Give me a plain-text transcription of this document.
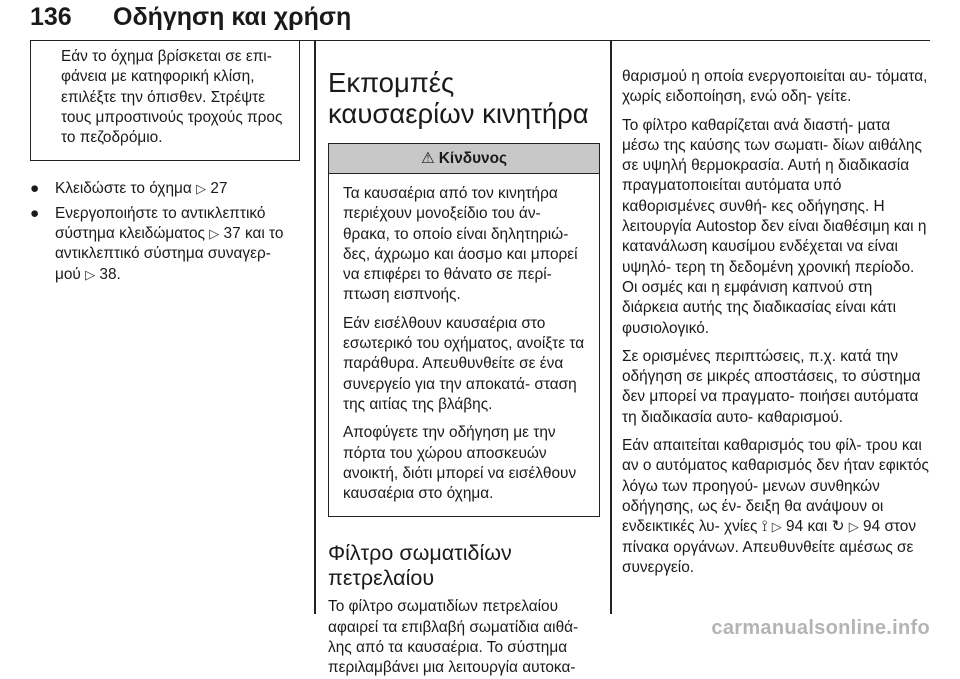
136 Οδήγηση και χρήση
Εάν το όχημα βρίσκεται σε επι- φάνεια με κατηφορική κλίση, επιλέξτε την όπισθεν. Στρέψτε τους μπροστινούς τροχούς προς το πεζοδρόμιο.
● Κλειδώστε το όχημα ▷ 27
● Ενεργοποιήστε το αντικλεπτικό σύστημα κλειδώματος ▷ 37 και το αντικλεπτικό σύστημα συναγερ- μού ▷ 38.
Εκπομπές καυσαερίων κινητήρα
⚠ Κίνδυνος

Τα καυσαέρια από τον κινητήρα περιέχουν μονοξείδιο του άν- θρακα, το οποίο είναι δηλητηριώ- δες, άχρωμο και άοσμο και μπορεί να επιφέρει το θάνατο σε περί- πτωση εισπνοής.

Εάν εισέλθουν καυσαέρια στο εσωτερικό του οχήματος, ανοίξτε τα παράθυρα. Απευθυνθείτε σε ένα συνεργείο για την αποκατά- σταση της αιτίας της βλάβης.

Αποφύγετε την οδήγηση με την πόρτα του χώρου αποσκευών ανοικτή, διότι μπορεί να εισέλθουν καυσαέρια στο όχημα.

Φίλτρο σωματιδίων πετρελαίου

Το φίλτρο σωματιδίων πετρελαίου αφαιρεί τα επιβλαβή σωματίδια αιθά- λης από τα καυσαέρια. Το σύστημα περιλαμβάνει μια λειτουργία αυτοκα-

θαρισμού η οποία ενεργοποιείται αυ- τόματα, χωρίς ειδοποίηση, ενώ οδη- γείτε.

Το φίλτρο καθαρίζεται ανά διαστή- ματα μέσω της καύσης των σωματι- δίων αιθάλης σε υψηλή θερμοκρασία. Αυτή η διαδικασία πραγματοποιείται αυτόματα υπό καθορισμένες συνθή- κες οδήγησης. Η λειτουργία Autostop δεν είναι διαθέσιμη και η κατανάλωση καυσίμου ενδέχεται να είναι υψηλό- τερη τη δεδομένη χρονική περίοδο. Οι οσμές και η εμφάνιση καπνού στη διάρκεια αυτής της διαδικασίας είναι κάτι φυσιολογικό.

Σε ορισμένες περιπτώσεις, π.χ. κατά την οδήγηση σε μικρές αποστάσεις, το σύστημα δεν μπορεί να πραγματο- ποιήσει αυτόματα τη διαδικασία αυτο- καθαρισμού.

Εάν απαιτείται καθαρισμός του φίλ- τρου και αν ο αυτόματος καθαρισμός δεν ήταν εφικτός λόγω των προηγού- μενων συνθηκών οδήγησης, ως έν- δειξη θα ανάψουν οι ενδεικτικές λυ- χνίες ⟟ ▷ 94 και ↻ ▷ 94 στον πίνακα οργάνων. Απευθυνθείτε αμέσως σε συνεργείο.

carmanualsonline.info
